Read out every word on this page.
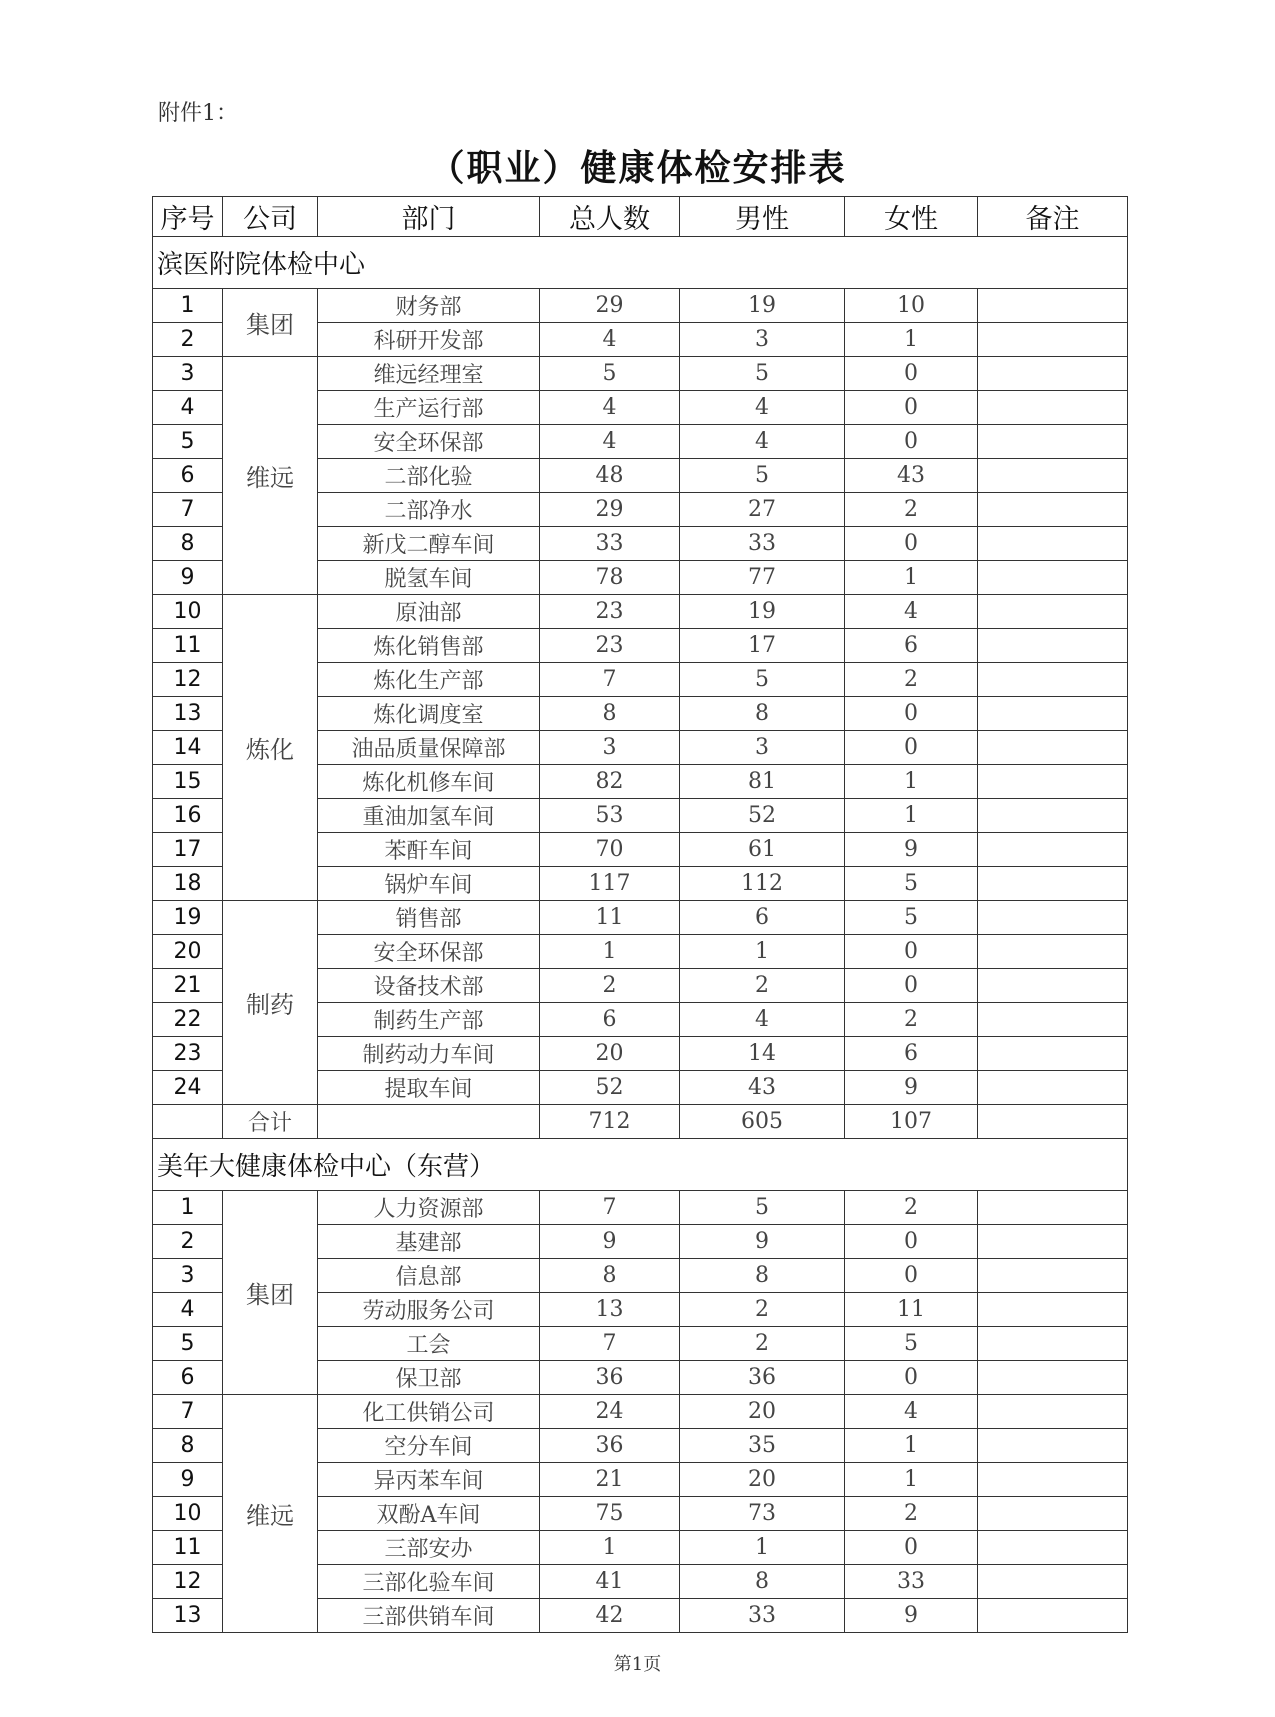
附件1：
（职业）健康体检安排表
序号	公司	部门	总人数	男性	女性	备注
滨医附院体检中心						
1	集团	财务部	29	19	10	
2		科研开发部	4	3	1	
3	维远	维远经理室	5	5	0	
4		生产运行部	4	4	0	
5		安全环保部	4	4	0	
6		二部化验	48	5	43	
7		二部净水	29	27	2	
8		新戊二醇车间	33	33	0	
9		脱氢车间	78	77	1	
10	炼化	原油部	23	19	4	
11		炼化销售部	23	17	6	
12		炼化生产部	7	5	2	
13		炼化调度室	8	8	0	
14		油品质量保障部	3	3	0	
15		炼化机修车间	82	81	1	
16		重油加氢车间	53	52	1	
17		苯酐车间	70	61	9	
18		锅炉车间	117	112	5	
19	制药	销售部	11	6	5	
20		安全环保部	1	1	0	
21		设备技术部	2	2	0	
22		制药生产部	6	4	2	
23		制药动力车间	20	14	6	
24		提取车间	52	43	9	
	合计		712	605	107	
美年大健康体检中心（东营）						
1	集团	人力资源部	7	5	2	
2		基建部	9	9	0	
3		信息部	8	8	0	
4		劳动服务公司	13	2	11	
5		工会	7	2	5	
6		保卫部	36	36	0	
7	维远	化工供销公司	24	20	4	
8		空分车间	36	35	1	
9		异丙苯车间	21	20	1	
10		双酚A车间	75	73	2	
11		三部安办	1	1	0	
12		三部化验车间	41	8	33	
13		三部供销车间	42	33	9	
第1页
